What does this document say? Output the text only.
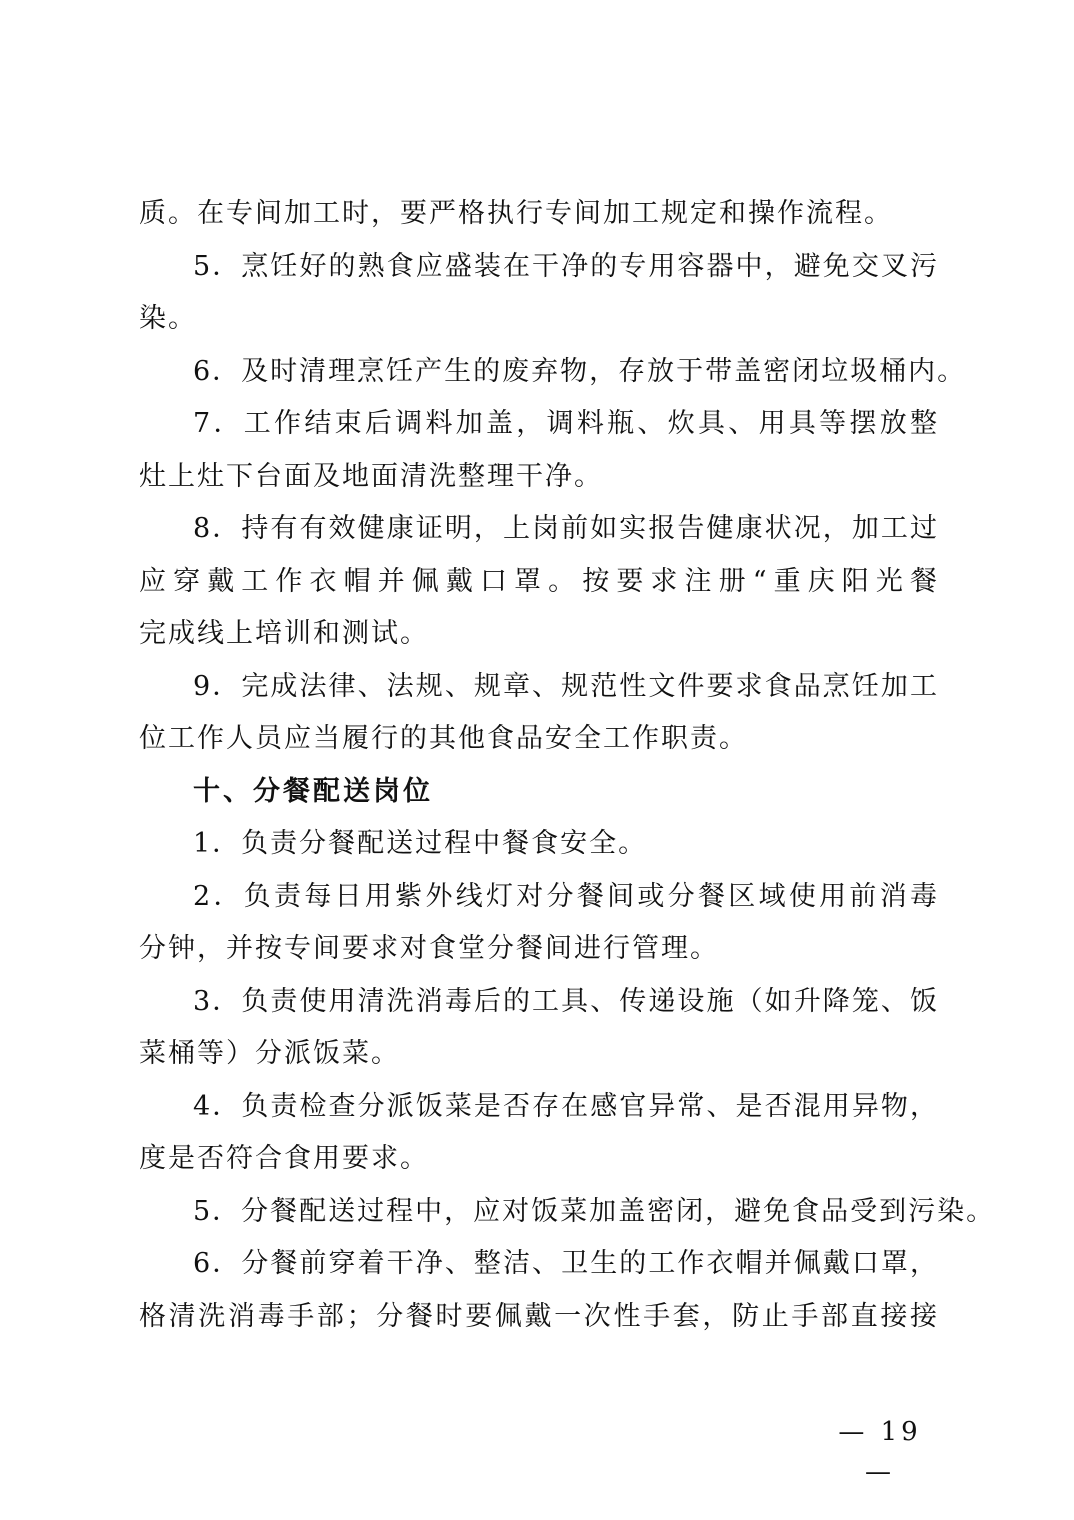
质。在专间加工时，要严格执行专间加工规定和操作流程。
5．烹饪好的熟食应盛装在干净的专用容器中，避免交叉污
染。
6．及时清理烹饪产生的废弃物，存放于带盖密闭垃圾桶内。
7．工作结束后调料加盖，调料瓶、炊具、用具等摆放整
灶上灶下台面及地面清洗整理干净。
8．持有有效健康证明，上岗前如实报告健康状况，加工过
应穿戴工作衣帽并佩戴口罩。按要求注册“重庆阳光餐
完成线上培训和测试。
9．完成法律、法规、规章、规范性文件要求食品烹饪加工
位工作人员应当履行的其他食品安全工作职责。
十、分餐配送岗位
1．负责分餐配送过程中餐食安全。
2．负责每日用紫外线灯对分餐间或分餐区域使用前消毒
分钟，并按专间要求对食堂分餐间进行管理。
3．负责使用清洗消毒后的工具、传递设施（如升降笼、饭
菜桶等）分派饭菜。
4．负责检查分派饭菜是否存在感官异常、是否混用异物，
度是否符合食用要求。
5．分餐配送过程中，应对饭菜加盖密闭，避免食品受到污染。
6．分餐前穿着干净、整洁、卫生的工作衣帽并佩戴口罩，
格清洗消毒手部；分餐时要佩戴一次性手套，防止手部直接接
— 19 —
